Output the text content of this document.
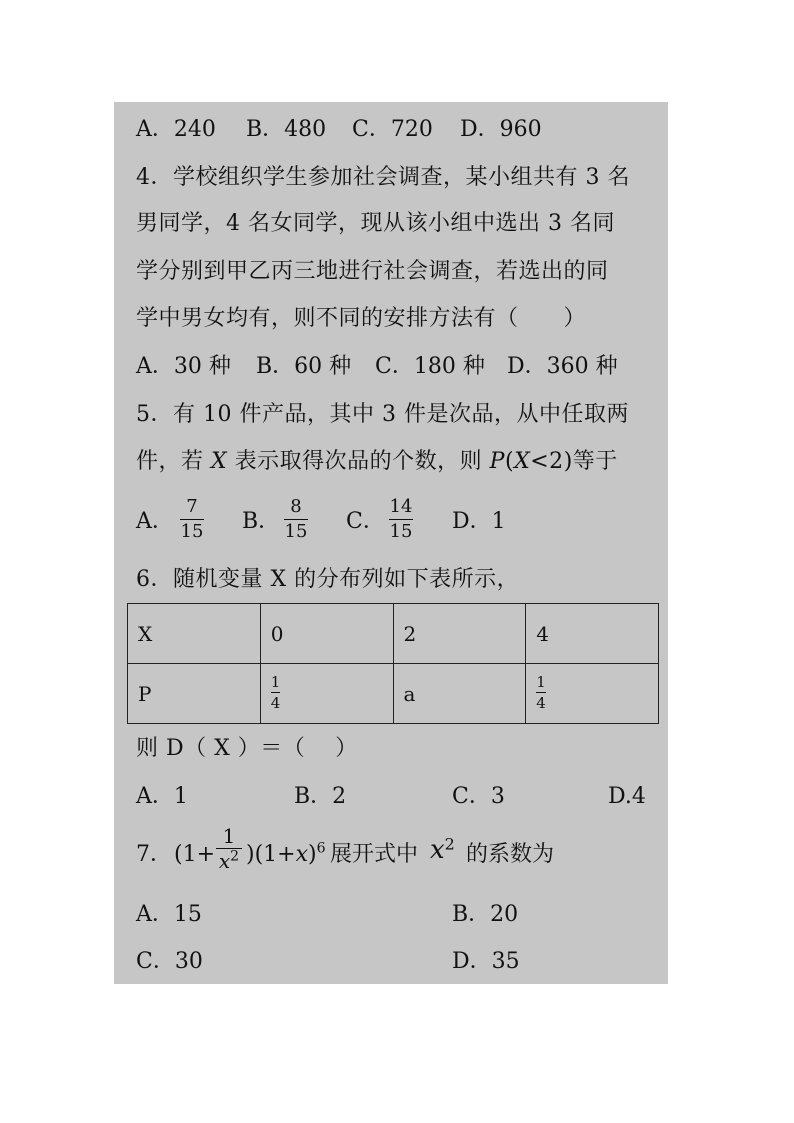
A．240 B．480 C．720 D．960
4．学校组织学生参加社会调查，某小组共有 3 名
男同学，4 名女同学，现从该小组中选出 3 名同
学分别到甲乙丙三地进行社会调查，若选出的同
学中男女均有，则不同的安排方法有（　　）
A．30 种 B．60 种 C．180 种 D．360 种
5．有 10 件产品，其中 3 件是次品，从中任取两
件，若 X 表示取得次品的个数，则 P(X<2)等于
A．
7
15 B．
8
15 C．
14
15 D．1
6．随机变量 X 的分布列如下表所示，
X	0	2	4
P	$\frac{1}{4}$	a	$\frac{1}{4}$
则 D（ X ）＝（　 ）
A．1	B．2	C．3	D.4
7． (1+
1
$x^2$ )$(1+x)^6$ 展开式中 $x^2$ 的系数为
A．15	B．20
C．30	D．35
